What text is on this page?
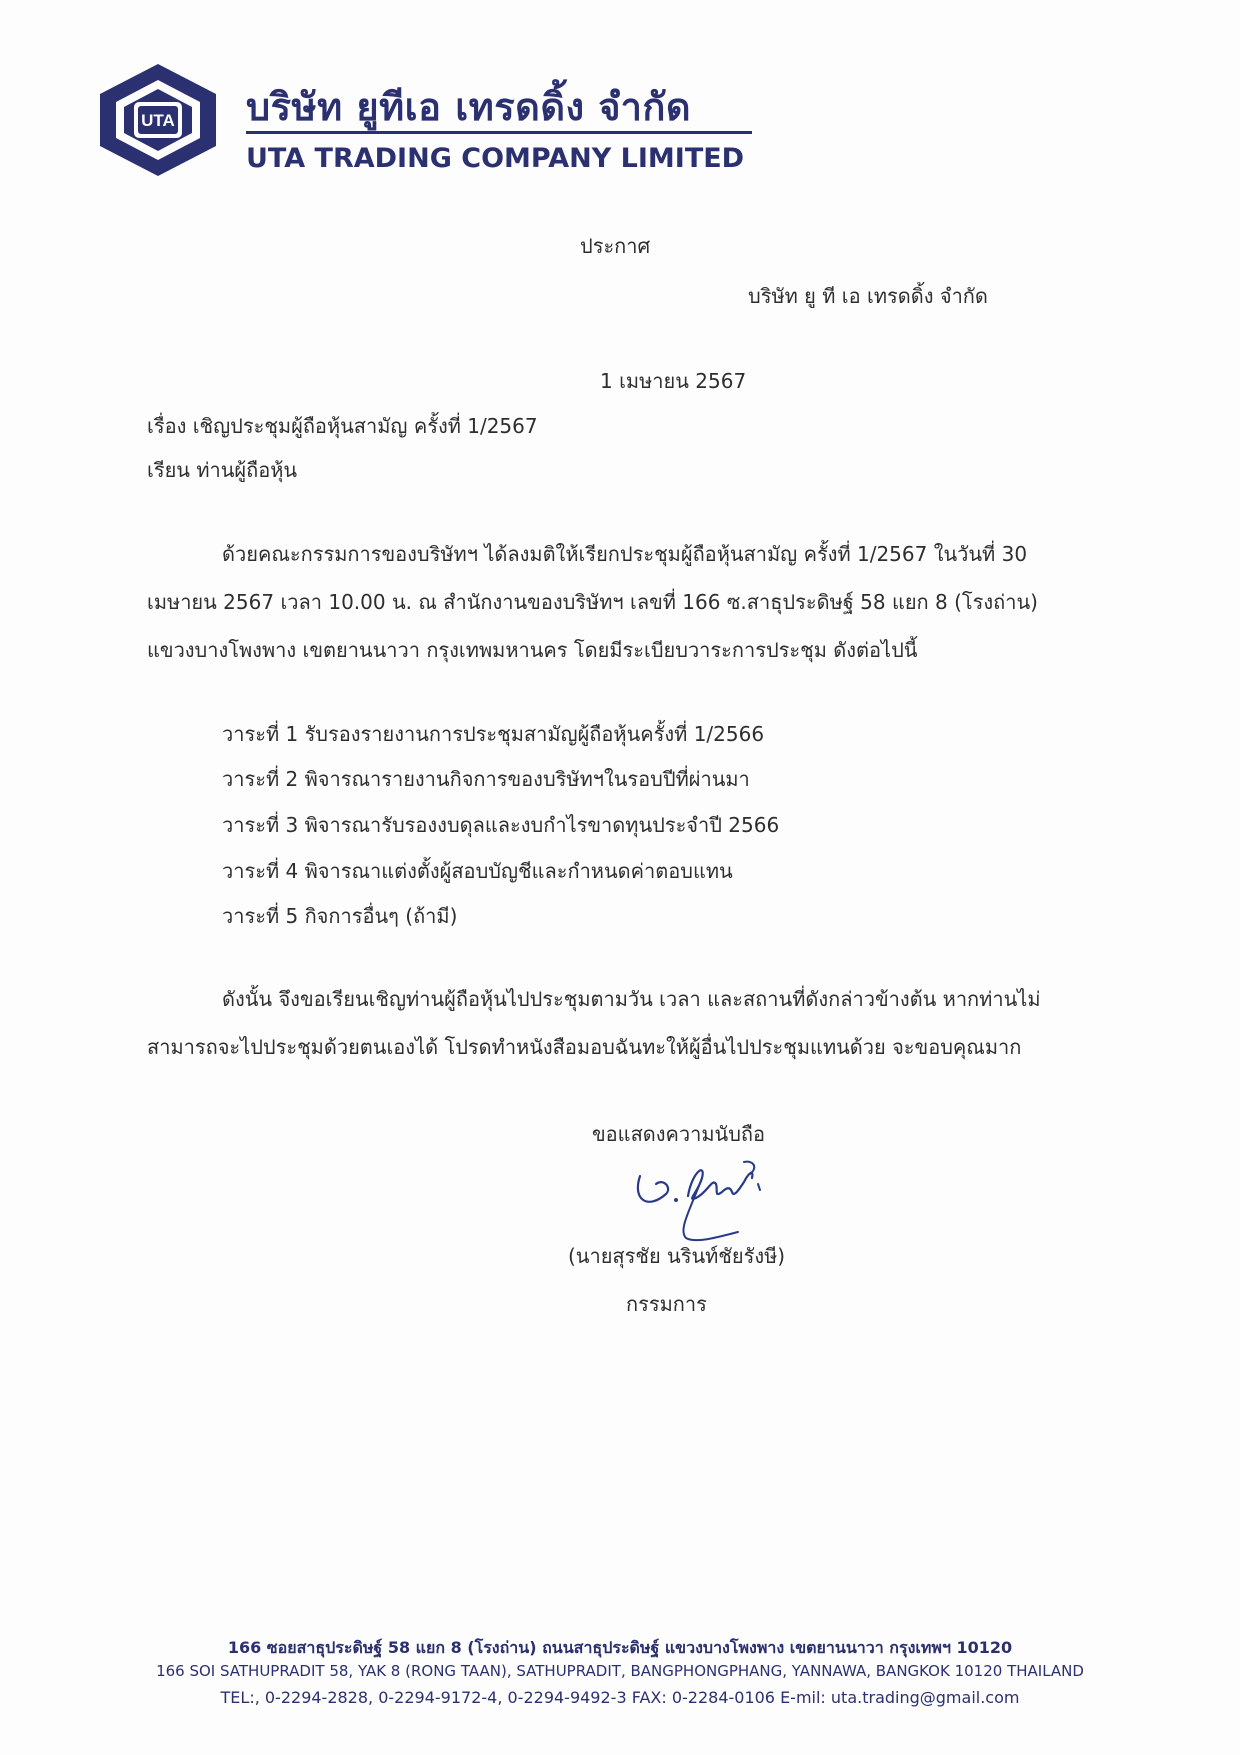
UTA บริษัท ยูทีเอ เทรดดิ้ง จำกัด
UTA TRADING COMPANY LIMITED
ประกาศ
บริษัท ยู ที เอ เทรดดิ้ง จำกัด
1 เมษายน 2567
เรื่อง เชิญประชุมผู้ถือหุ้นสามัญ ครั้งที่ 1/2567
เรียน ท่านผู้ถือหุ้น
ด้วยคณะกรรมการของบริษัทฯ ได้ลงมติให้เรียกประชุมผู้ถือหุ้นสามัญ ครั้งที่ 1/2567 ในวันที่ 30
เมษายน 2567 เวลา 10.00 น. ณ สำนักงานของบริษัทฯ เลขที่ 166 ซ.สาธุประดิษฐ์ 58 แยก 8 (โรงถ่าน)
แขวงบางโพงพาง เขตยานนาวา กรุงเทพมหานคร โดยมีระเบียบวาระการประชุม ดังต่อไปนี้
วาระที่ 1 รับรองรายงานการประชุมสามัญผู้ถือหุ้นครั้งที่ 1/2566
วาระที่ 2 พิจารณารายงานกิจการของบริษัทฯในรอบปีที่ผ่านมา
วาระที่ 3 พิจารณารับรองงบดุลและงบกำไรขาดทุนประจำปี 2566
วาระที่ 4 พิจารณาแต่งตั้งผู้สอบบัญชีและกำหนดค่าตอบแทน
วาระที่ 5 กิจการอื่นๆ (ถ้ามี)
ดังนั้น จึงขอเรียนเชิญท่านผู้ถือหุ้นไปประชุมตามวัน เวลา และสถานที่ดังกล่าวข้างต้น หากท่านไม่
สามารถจะไปประชุมด้วยตนเองได้ โปรดทำหนังสือมอบฉันทะให้ผู้อื่นไปประชุมแทนด้วย จะขอบคุณมาก
ขอแสดงความนับถือ
(นายสุรชัย นรินท์ชัยรังษี)
กรรมการ
166 ซอยสาธุประดิษฐ์ 58 แยก 8 (โรงถ่าน) ถนนสาธุประดิษฐ์ แขวงบางโพงพาง เขตยานนาวา กรุงเทพฯ 10120
166 SOI SATHUPRADIT 58, YAK 8 (RONG TAAN), SATHUPRADIT, BANGPHONGPHANG, YANNAWA, BANGKOK 10120 THAILAND
TEL:, 0-2294-2828, 0-2294-9172-4, 0-2294-9492-3 FAX: 0-2284-0106 E-mil: uta.trading@gmail.com
